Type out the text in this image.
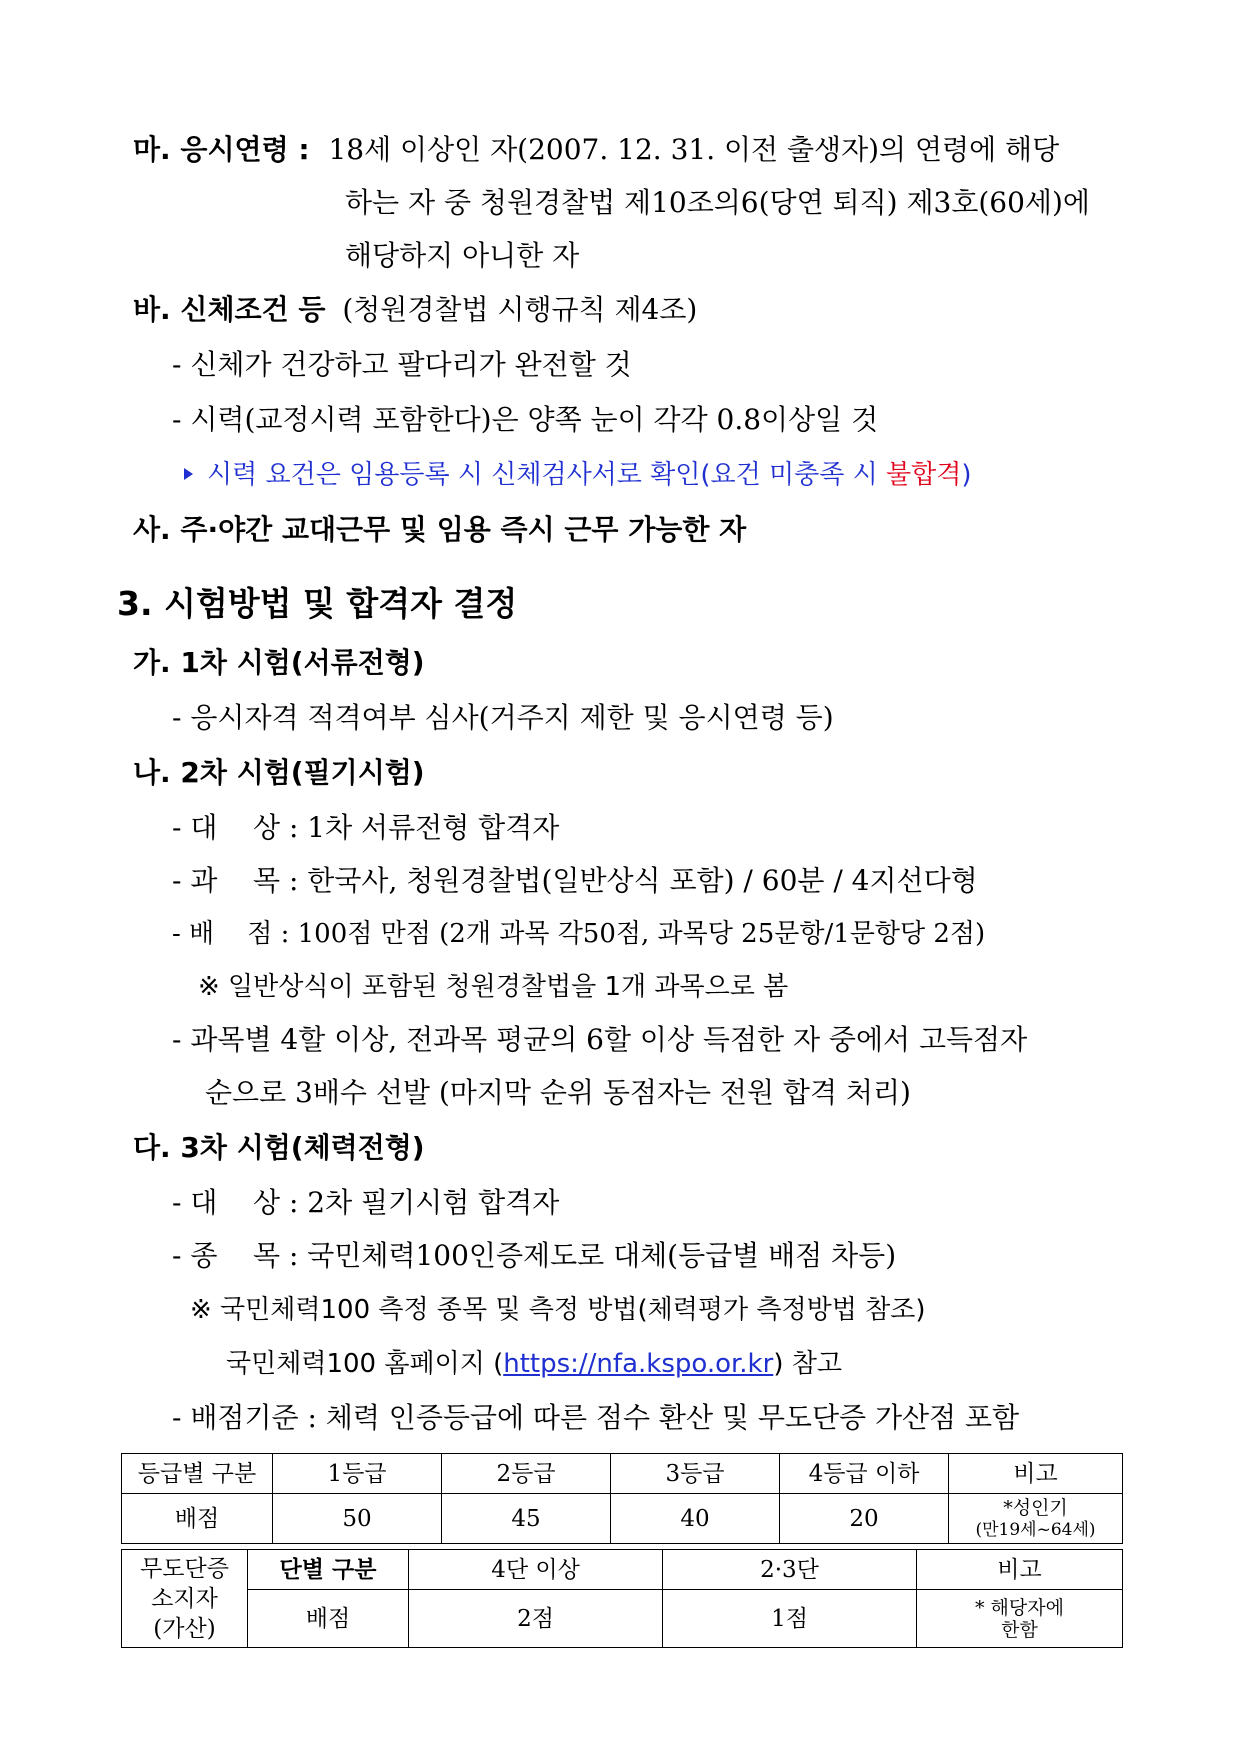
마. 응시연령 : 18세 이상인 자(2007. 12. 31. 이전 출생자)의 연령에 해당
하는 자 중 청원경찰법 제10조의6(당연 퇴직) 제3호(60세)에
해당하지 아니한 자
바. 신체조건 등 (청원경찰법 시행규칙 제4조)
- 신체가 건강하고 팔다리가 완전할 것
- 시력(교정시력 포함한다)은 양쪽 눈이 각각 0.8이상일 것
시력 요건은 임용등록 시 신체검사서로 확인(요건 미충족 시 불합격)
사. 주·야간 교대근무 및 임용 즉시 근무 가능한 자
3. 시험방법 및 합격자 결정
가. 1차 시험(서류전형)
- 응시자격 적격여부 심사(거주지 제한 및 응시연령 등)
나. 2차 시험(필기시험)
- 대    상 : 1차 서류전형 합격자
- 과    목 : 한국사, 청원경찰법(일반상식 포함) / 60분 / 4지선다형
- 배    점 : 100점 만점 (2개 과목 각50점, 과목당 25문항/1문항당 2점)
※ 일반상식이 포함된 청원경찰법을 1개 과목으로 봄
- 과목별 4할 이상, 전과목 평균의 6할 이상 득점한 자 중에서 고득점자
순으로 3배수 선발 (마지막 순위 동점자는 전원 합격 처리)
다. 3차 시험(체력전형)
- 대    상 : 2차 필기시험 합격자
- 종    목 : 국민체력100인증제도로 대체(등급별 배점 차등)
※ 국민체력100 측정 종목 및 측정 방법(체력평가 측정방법 참조)
국민체력100 홈페이지 (https://nfa.kspo.or.kr) 참고
- 배점기준 : 체력 인증등급에 따른 점수 환산 및 무도단증 가산점 포함
등급별 구분	1등급	2등급	3등급	4등급 이하	비고
배점	50	45	40	20	*성인기
(만19세~64세)
무도단증
소지자
(가산)	단별 구분	4단 이상	2·3단	비고
	배점	2점	1점	* 해당자에
한함
